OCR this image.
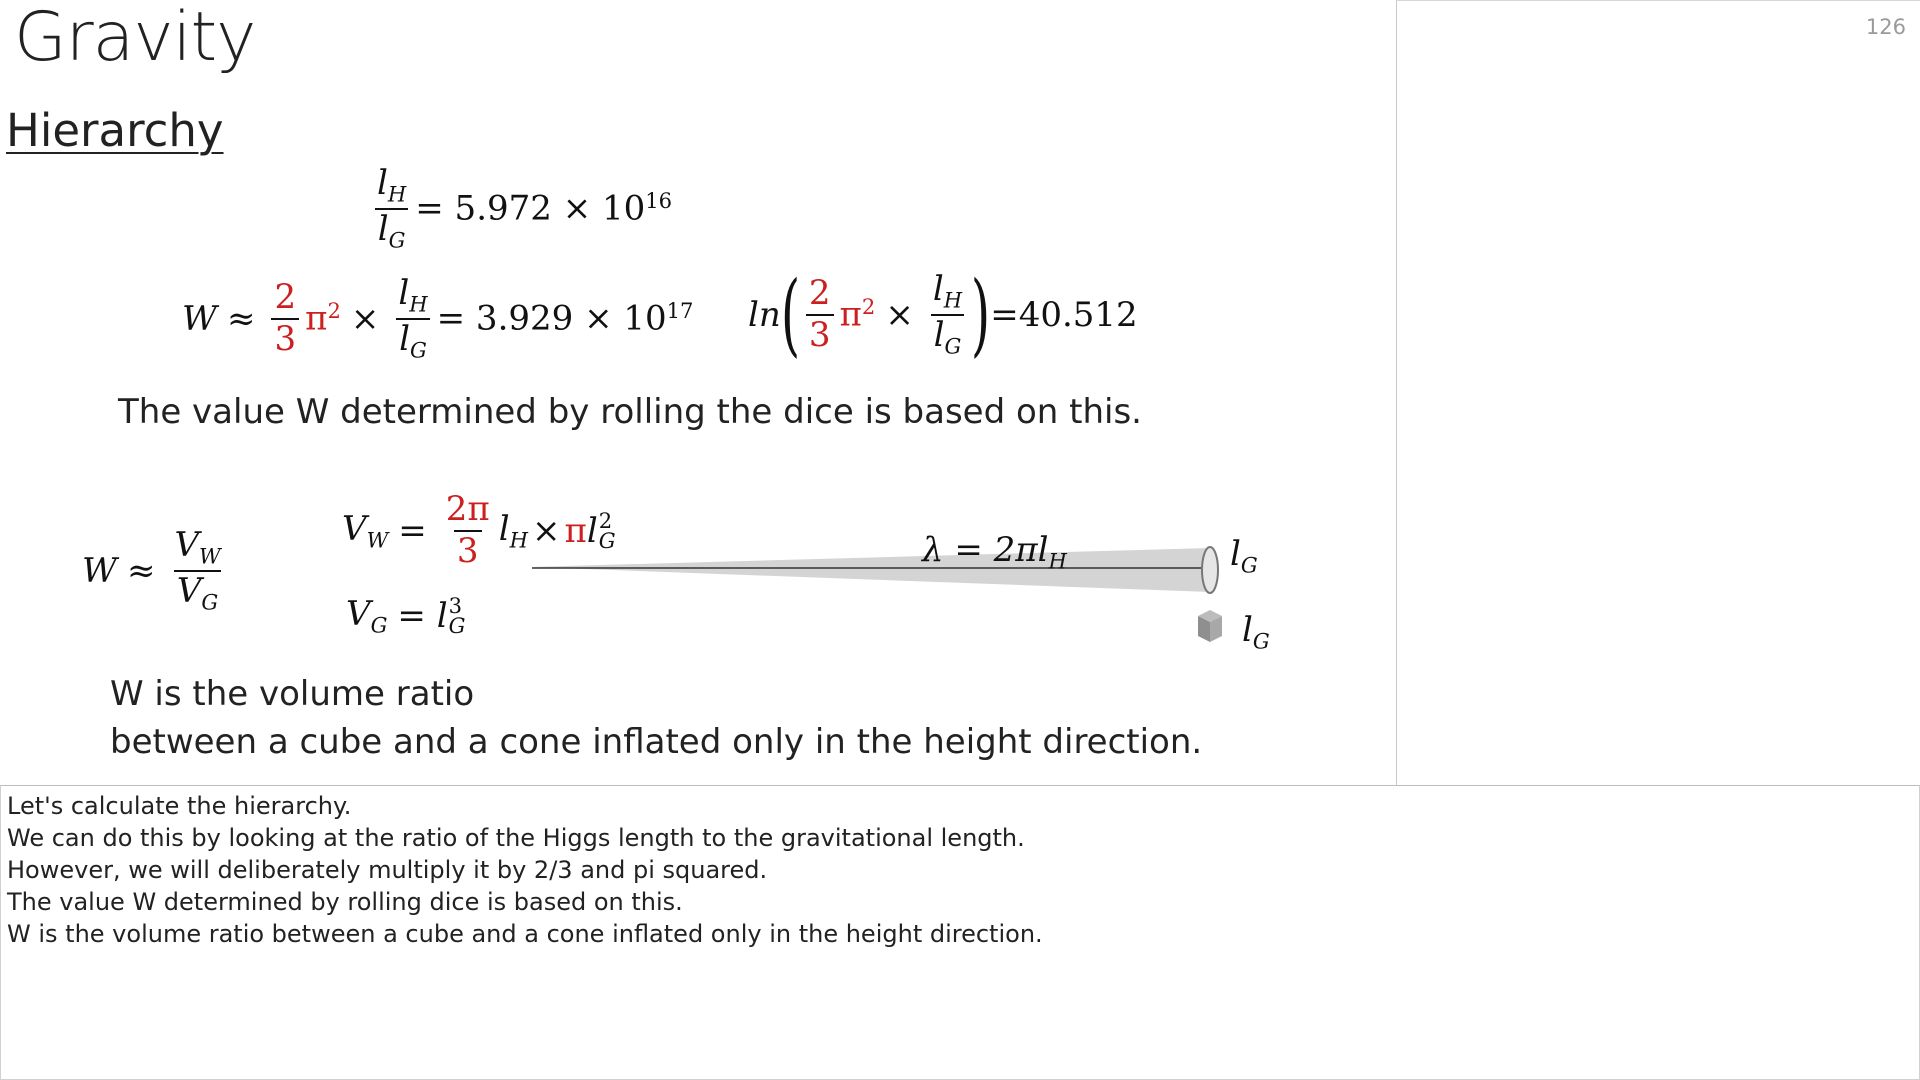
Gravity
Hierarchy
$\frac{l_H}{l_G} = 5.972 \times 10^{16}$
$W \approx \frac{2}{3} \pi^2 \times \frac{l_H}{l_G} = 3.929 \times 10^{17}$ ln ( $\frac{2}{3} \pi^2 \times \frac{l_H}{l_G}$ ) =40.512
The value W determined by rolling the dice is based on this.
$W \approx \frac{V_W}{V_G}$	$V_W = \frac{2\pi}{3} l_H \times \pi$ l 2
G
$V_G = l$ 3
G
$\lambda = 2\pi l_H$	$l_G$
$l_G$
W is the volume ratio
between a cube and a cone inflated only in the height direction.
126
Let's calculate the hierarchy.
We can do this by looking at the ratio of the Higgs length to the gravitational length.
However, we will deliberately multiply it by 2/3 and pi squared.
The value W determined by rolling dice is based on this.
W is the volume ratio between a cube and a cone inflated only in the height direction.
